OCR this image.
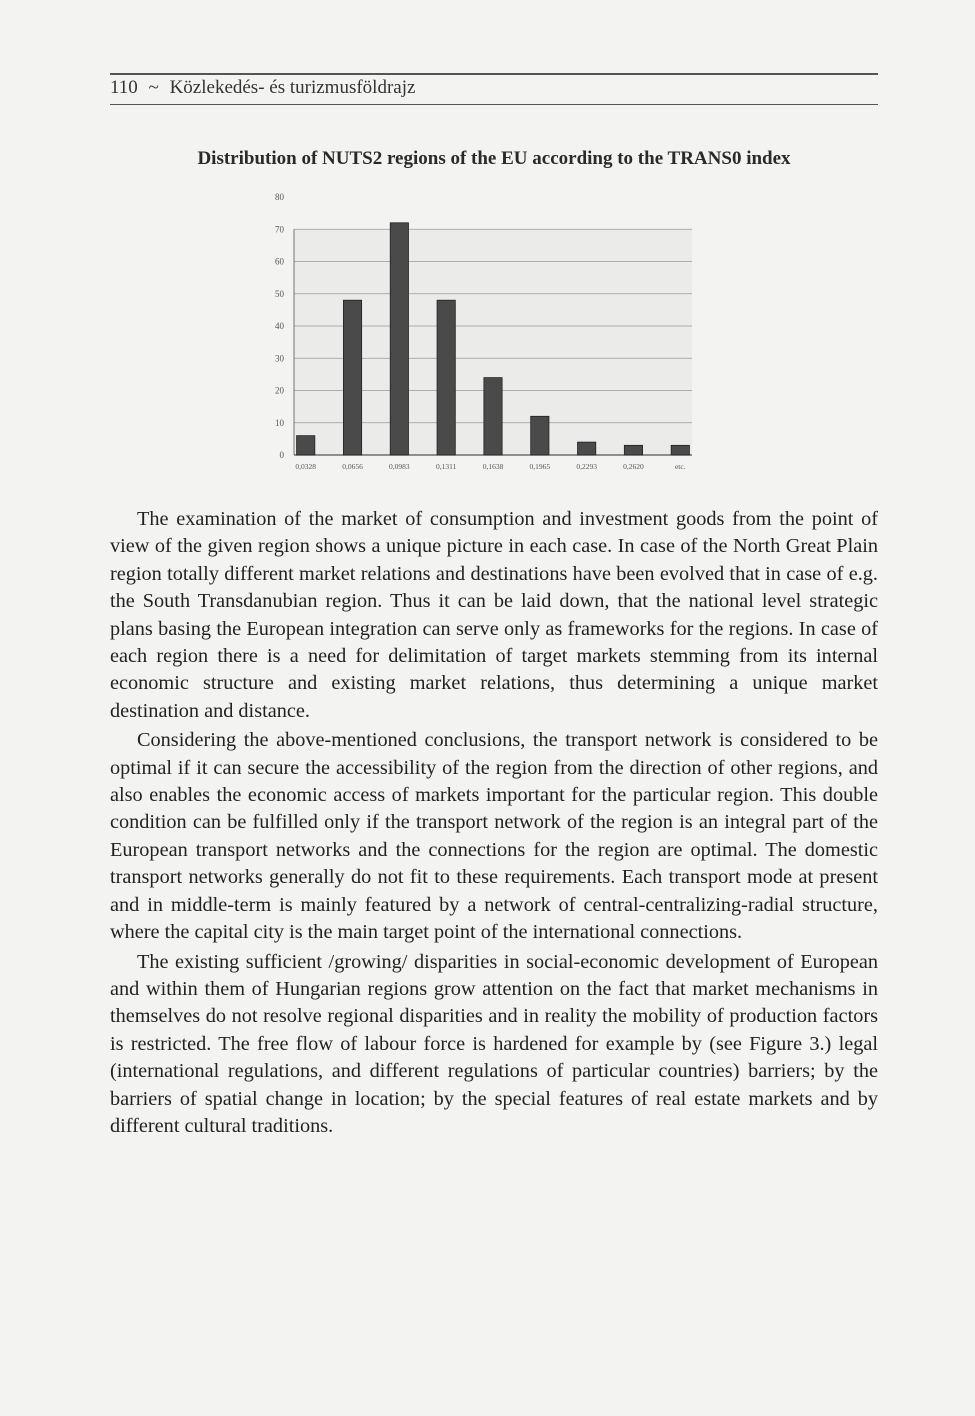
110 ~ Közlekedés- és turizmusföldrajz
Distribution of NUTS2 regions of the EU according to the TRANS0 index
0
10
20
30
40
50
60
70
80
0,0328	0,0656	0,0983	0,1311	0,1638	0,1965	0,2293	0,2620	etc.

The examination of the market of consumption and investment goods from the point of view of the given region shows a unique picture in each case. In case of the North Great Plain region totally different market relations and destinations have been evolved that in case of e.g. the South Transdanubian region. Thus it can be laid down, that the national level strategic plans basing the European integration can serve only as frameworks for the regions. In case of each region there is a need for delimitation of target markets stemming from its internal economic structure and existing market relations, thus determining a unique market destination and distance.

Considering the above-mentioned conclusions, the transport network is considered to be optimal if it can secure the accessibility of the region from the direction of other regions, and also enables the economic access of markets important for the particular region. This double condition can be fulfilled only if the transport network of the region is an integral part of the European transport networks and the connections for the region are optimal. The domestic transport networks generally do not fit to these requirements. Each transport mode at present and in middle-term is mainly featured by a network of central-centralizing-radial structure, where the capital city is the main target point of the international connections.

The existing sufficient /growing/ disparities in social-economic development of European and within them of Hungarian regions grow attention on the fact that market mechanisms in themselves do not resolve regional disparities and in reality the mobility of production factors is restricted. The free flow of labour force is hardened for example by (see Figure 3.) legal (international regulations, and different regulations of particular countries) barriers; by the barriers of spatial change in location; by the special features of real estate markets and by different cultural traditions.
